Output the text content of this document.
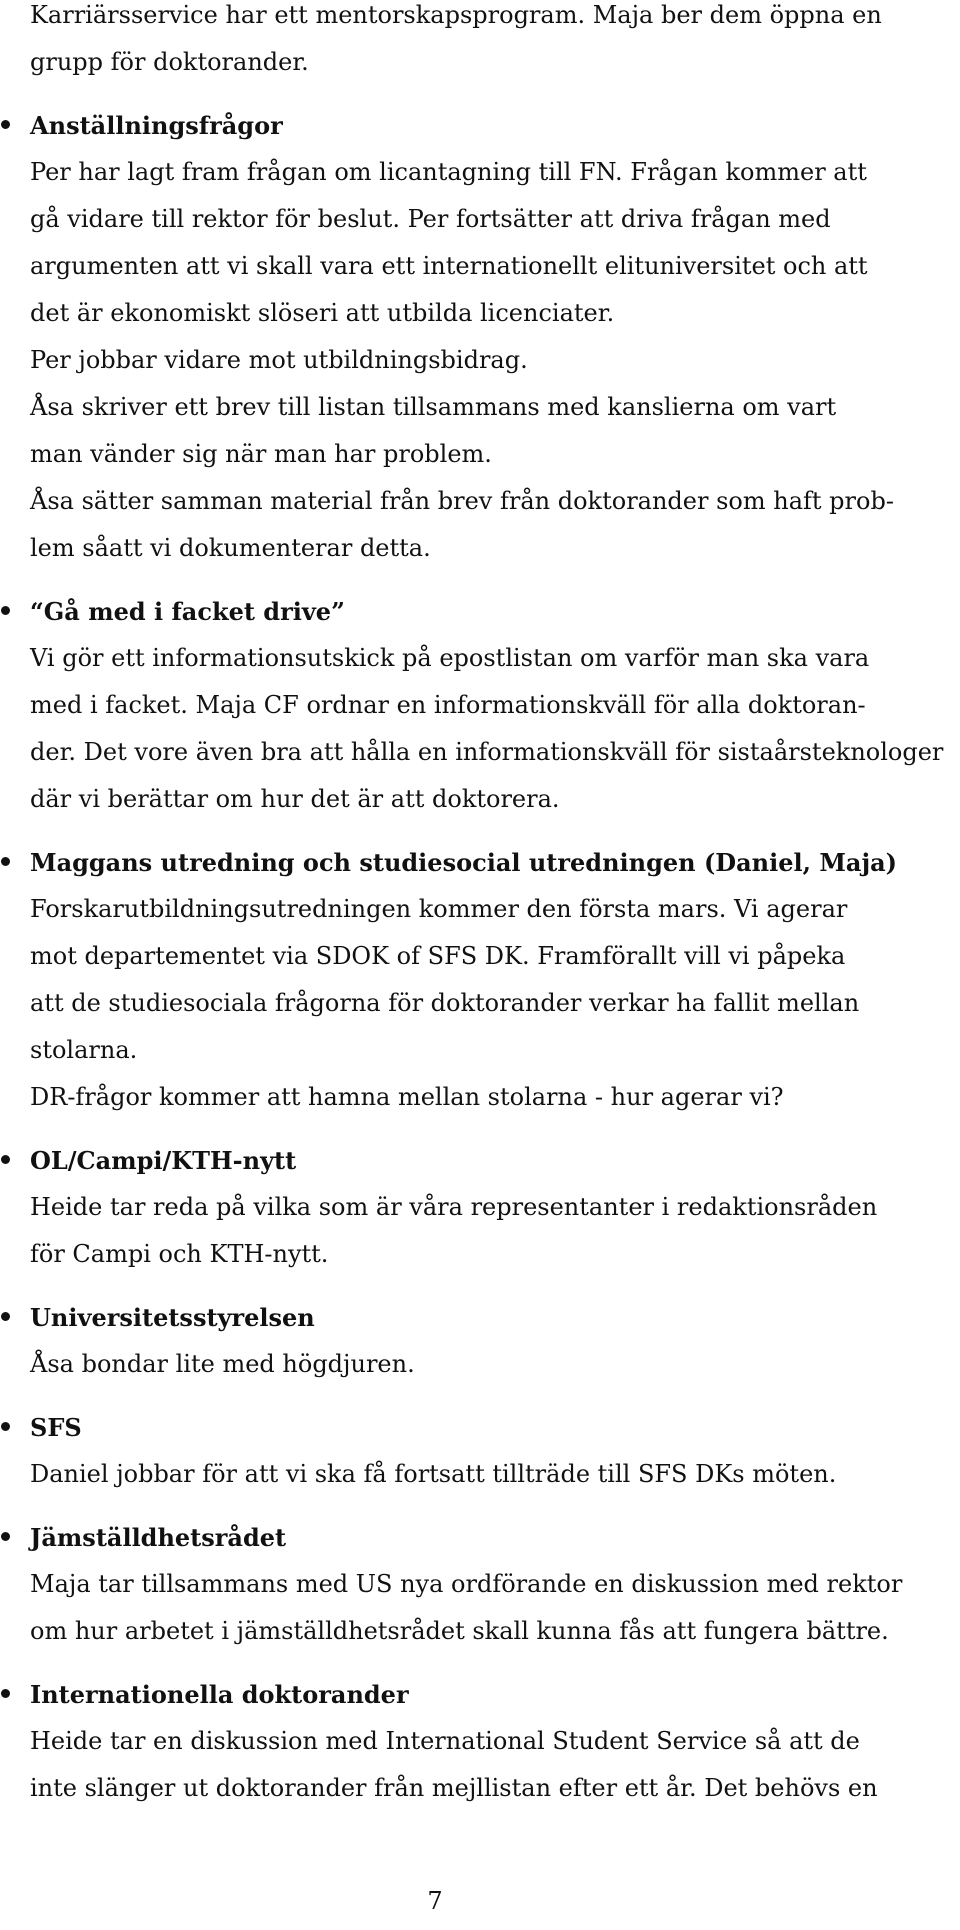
Karriärsservice har ett mentorskapsprogram. Maja ber dem öppna en
grupp för doktorander.

Anställningsfrågor

Per har lagt fram frågan om licantagning till FN. Frågan kommer att
gå vidare till rektor för beslut. Per fortsätter att driva frågan med
argumenten att vi skall vara ett internationellt elituniversitet och att
det är ekonomiskt slöseri att utbilda licenciater.

Per jobbar vidare mot utbildningsbidrag.

Åsa skriver ett brev till listan tillsammans med kanslierna om vart
man vänder sig när man har problem.

Åsa sätter samman material från brev från doktorander som haft prob-
lem såatt vi dokumenterar detta.

“Gå med i facket drive”

Vi gör ett informationsutskick på epostlistan om varför man ska vara
med i facket. Maja CF ordnar en informationskväll för alla doktoran-
der. Det vore även bra att hålla en informationskväll för sistaårsteknologer
där vi berättar om hur det är att doktorera.

Maggans utredning och studiesocial utredningen (Daniel, Maja)

Forskarutbildningsutredningen kommer den första mars. Vi agerar
mot departementet via SDOK of SFS DK. Framförallt vill vi påpeka
att de studiesociala frågorna för doktorander verkar ha fallit mellan
stolarna.

DR-frågor kommer att hamna mellan stolarna - hur agerar vi?

OL/Campi/KTH-nytt

Heide tar reda på vilka som är våra representanter i redaktionsråden
för Campi och KTH-nytt.

Universitetsstyrelsen

Åsa bondar lite med högdjuren.

SFS

Daniel jobbar för att vi ska få fortsatt tillträde till SFS DKs möten.

Jämställdhetsrådet

Maja tar tillsammans med US nya ordförande en diskussion med rektor
om hur arbetet i jämställdhetsrådet skall kunna fås att fungera bättre.

Internationella doktorander

Heide tar en diskussion med International Student Service så att de
inte slänger ut doktorander från mejllistan efter ett år. Det behövs en

7
